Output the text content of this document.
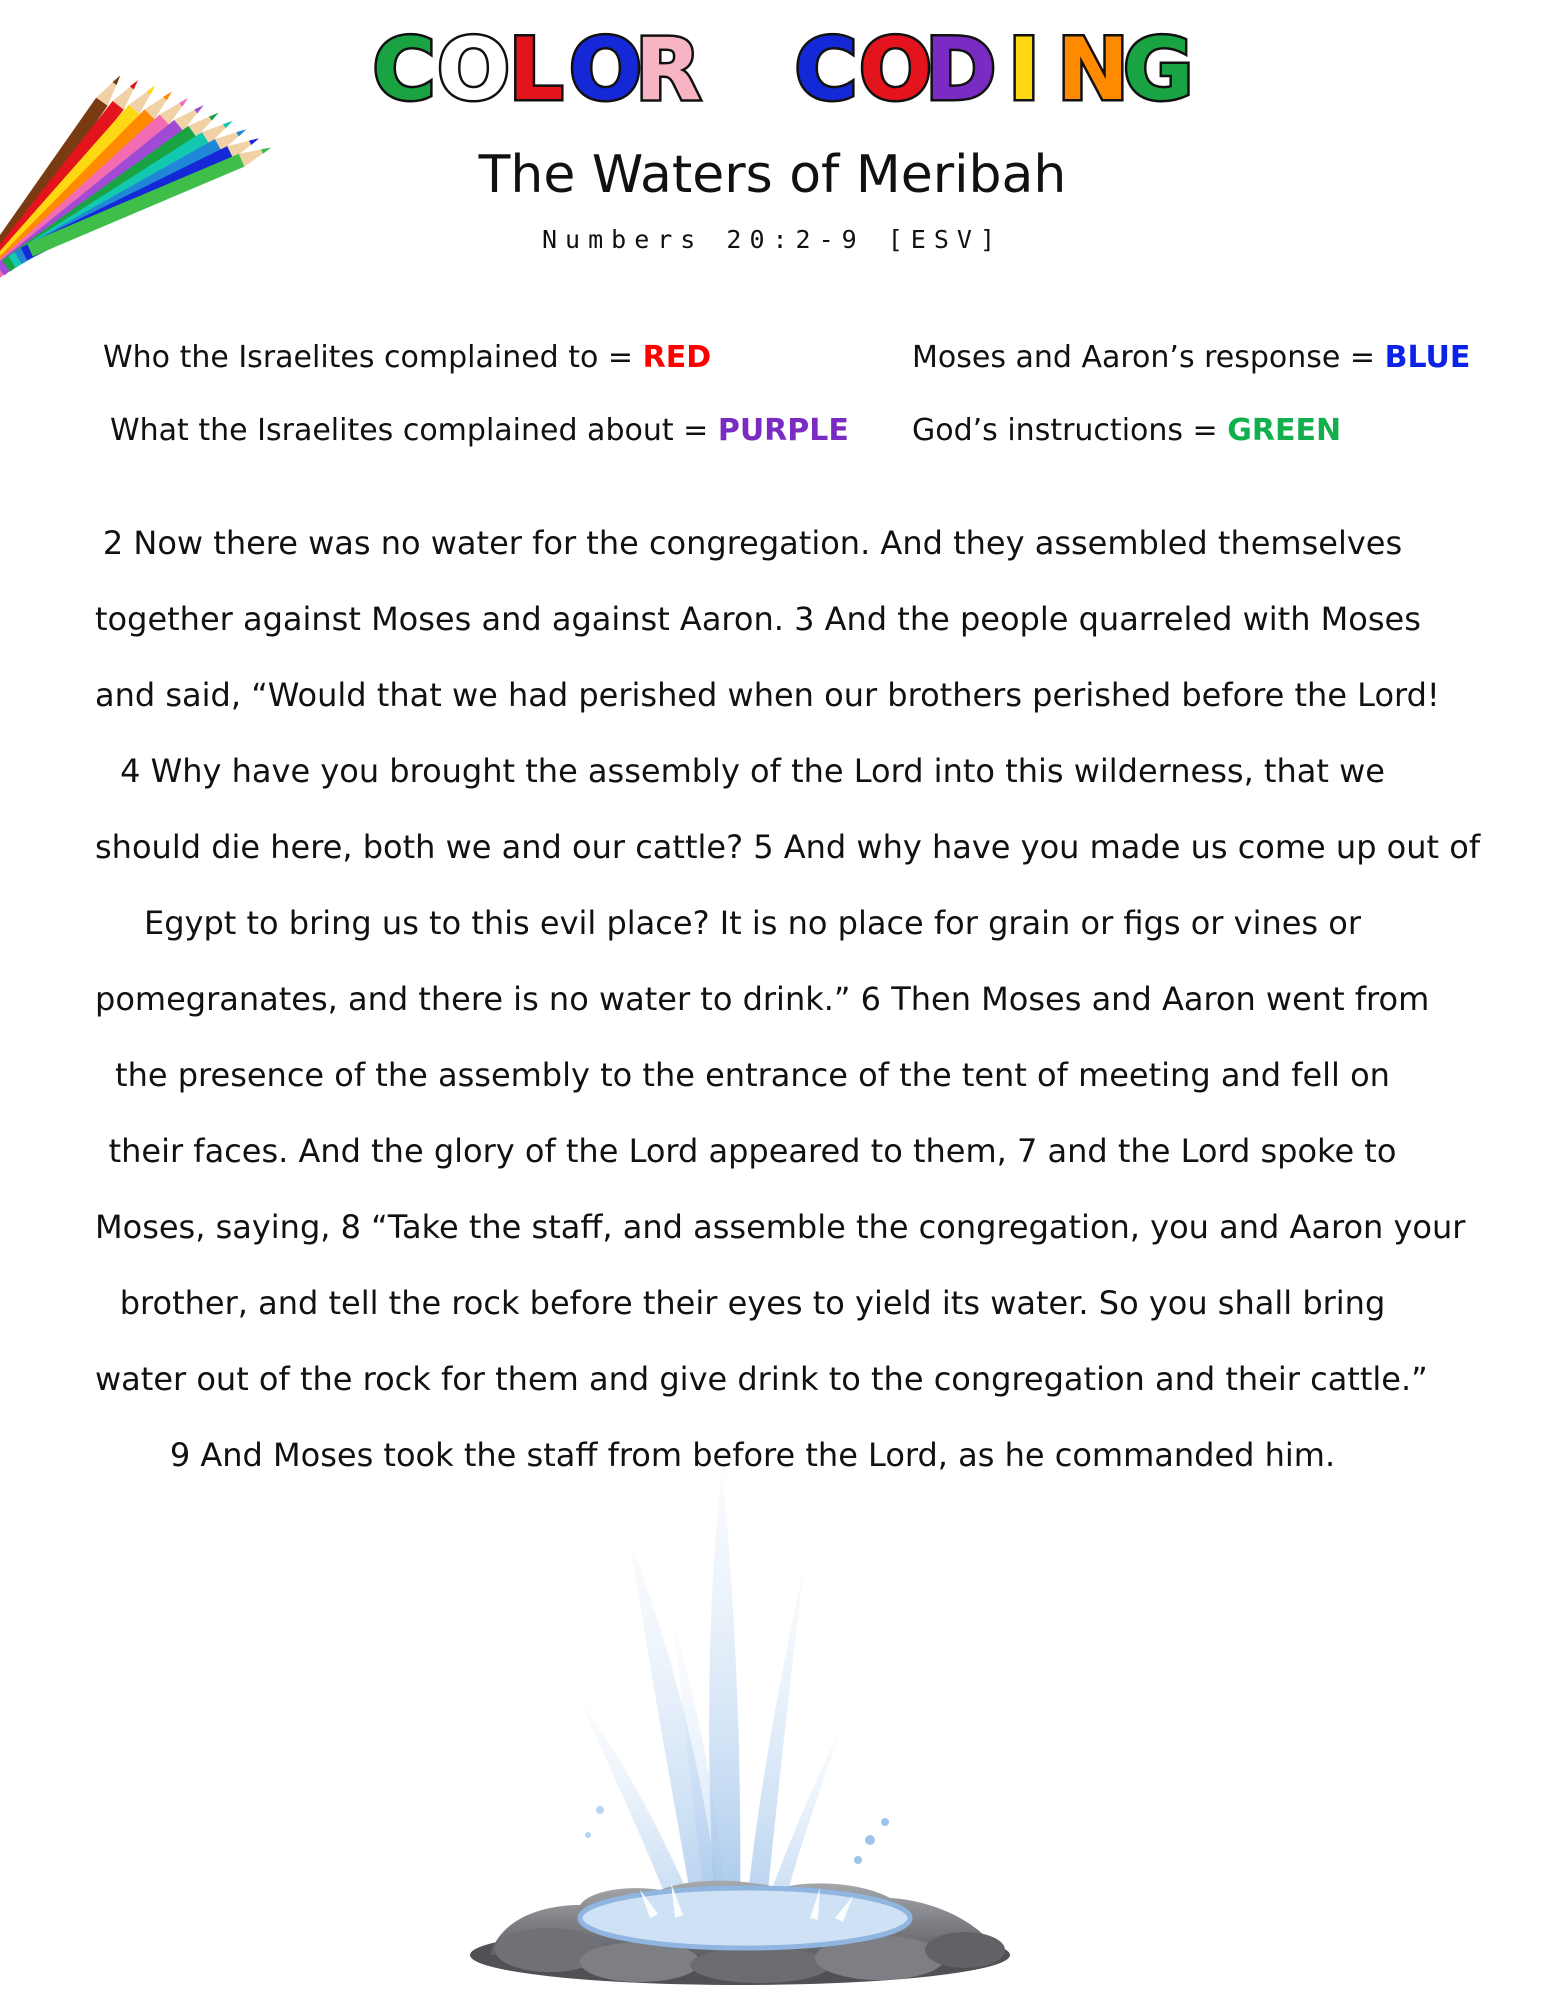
COLOR COD I NG
The Waters of Meribah
Numbers 20:2-9 [ESV]
Who the Israelites complained to = RED	Moses and Aaron’s response = BLUE
What the Israelites complained about = PURPLE God’s instructions = GREEN
2 Now there was no water for the congregation. And they assembled themselves
together against Moses and against Aaron. 3 And the people quarreled with Moses
and said, “Would that we had perished when our brothers perished before the Lord!
4 Why have you brought the assembly of the Lord into this wilderness, that we
should die here, both we and our cattle? 5 And why have you made us come up out of
Egypt to bring us to this evil place? It is no place for grain or figs or vines or
pomegranates, and there is no water to drink.” 6 Then Moses and Aaron went from
the presence of the assembly to the entrance of the tent of meeting and fell on
their faces. And the glory of the Lord appeared to them, 7 and the Lord spoke to
Moses, saying, 8 “Take the staff, and assemble the congregation, you and Aaron your
brother, and tell the rock before their eyes to yield its water. So you shall bring
water out of the rock for them and give drink to the congregation and their cattle.”
9 And Moses took the staff from before the Lord, as he commanded him.
